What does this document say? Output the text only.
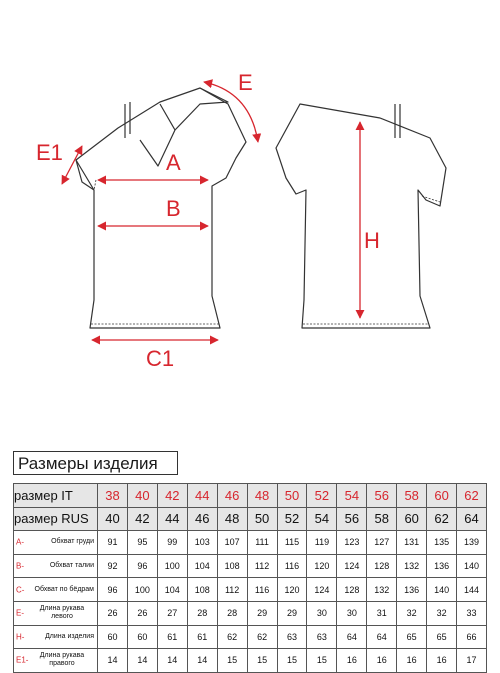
A
B
C1
E
E1
H
Размеры изделия
размер IT	38	40	42	44	46	48	50	52	54	56	58	60	62
размер RUS	40	42	44	46	48	50	52	54	56	58	60	62	64

A- Обхват груди	91	95	99	103	107	111	115	119	123	127	131	135	139

B- Обхват талии	92	96	100	104	108	112	116	120	124	128	132	136	140

C- Обхват по бёдрам	96	100	104	108	112	116	120	124	128	132	136	140	144

E- Длина рукава левого	26	26	27	28	28	29	29	30	30	31	32	32	33

H- Длина изделия	60	60	61	61	62	62	63	63	64	64	65	65	66

E1- Длина рукава правого	14	14	14	14	15	15	15	15	16	16	16	16	17
